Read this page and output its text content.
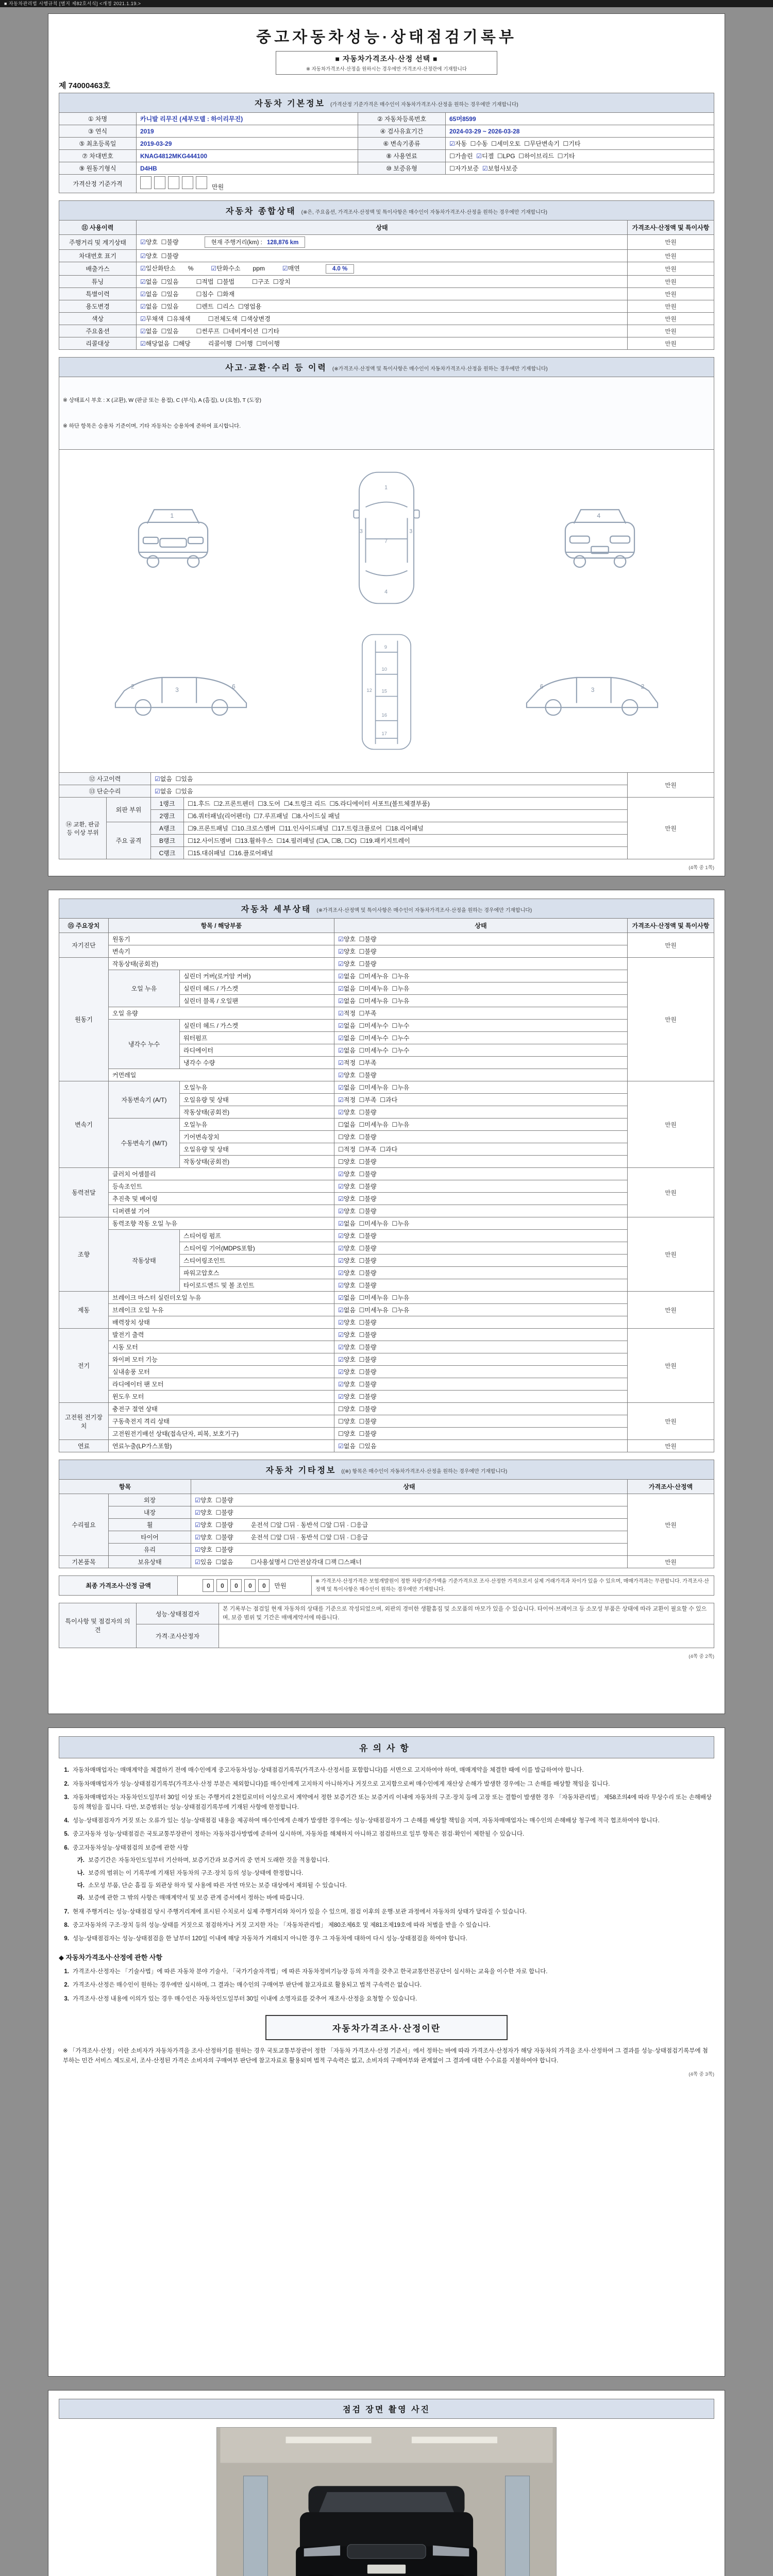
■ 자동차관리법 시행규칙 [별지 제82호서식] <개정 2021.1.19.>
중고자동차성능·상태점검기록부
■ 자동차가격조사·산정 선택 ■
※ 자동차가격조사·산정을 원하시는 경우에만 가격조사·산정란에 기재합니다
제 74000463호
자동차 기본정보 (가격산정 기준가격은 매수인이 자동차가격조사·산정을 원하는 경우에만 기재합니다)			
① 차명	카니발 리무진 (세부모델 : 하이리무진)	② 자동차등록번호	65머8599
③ 연식	2019	④ 검사유효기간	2024-03-29 ~ 2026-03-28
⑤ 최초등록일	2019-03-29	⑥ 변속기종류	☑자동  ☐수동  ☐세미오토  ☐무단변속기  ☐기타
⑦ 차대번호	KNAG4812MKG444100	⑧ 사용연료	☐가솔린  ☑디젤  ☐LPG  ☐하이브리드  ☐기타
⑨ 원동기형식	D4HB	⑩ 보증유형	☐자가보증  ☑보험사보증
가격산정 기준가격	만원		
자동차 종합상태 (※은, 주요옵션, 가격조사·산정액 및 특이사항은 매수인이 자동차가격조사·산정을 원하는 경우에만 기재합니다)		
⑪ 사용이력	상태	가격조사·산정액 및 특이사항
주행거리 및 계기상태	☑양호  ☐불량 현재 주행거리(km) : 128,876 km	만원
차대번호 표기	☑양호  ☐불량	만원
배출가스	☑일산화탄소　　% ☑탄화수소　　ppm ☑매연 4.0 %	만원
튜닝	☑없음  ☐있음 ☐적법  ☐불법 ☐구조  ☐장치	만원
특별이력	☑없음  ☐있음 ☐침수  ☐화재	만원
용도변경	☑없음  ☐있음 ☐렌트  ☐리스  ☐영업용	만원
색상	☑무채색  ☐유채색 ☐전체도색  ☐색상변경	만원
주요옵션	☑없음  ☐있음 ☐썬루프  ☐네비게이션  ☐기타	만원
리콜대상	☑해당없음  ☐해당 리콜이행  ☐이행  ☐미이행	만원
사고·교환·수리 등 이력 (※가격조사·산정액 및 특이사항은 매수인이 자동차가격조사·산정을 원하는 경우에만 기재합니다)				

※ 상태표시 부호 : X (교환), W (판금 또는 용접), C (부식), A (흠집), U (요철), T (도장)

※ 하단 항목은 승용차 기준이며, 기타 자동차는 승용차에 준하여 표시합니다.				

1
1
7
4
3	3
4

3
2	6
9
10
12 15
16
17
3	2
6

⑫ 사고이력		☑없음  ☐있음		만원
⑬ 단순수리		☑없음  ☐있음		
⑭ 교환, 판금 등 이상 부위	외판 부위	1랭크	☐1.후드  ☐2.프론트펜더  ☐3.도어  ☐4.트렁크 리드  ☐5.라디에이터 서포트(볼트체결부품)	만원
		2랭크	☐6.쿼터패널(리어펜더)  ☐7.루프패널  ☐8.사이드실 패널	
	주요 골격	A랭크	☐9.프론트패널  ☐10.크로스멤버  ☐11.인사이드패널  ☐17.트렁크플로어  ☐18.리어패널	
		B랭크	☐12.사이드멤버  ☐13.휠하우스  ☐14.필러패널 (☐A, ☐B, ☐C)  ☐19.패키지트레이	
		C랭크	☐15.대쉬패널  ☐16.플로어패널	
(4쪽 중 1쪽)
자동차 세부상태 (※가격조사·산정액 및 특이사항은 매수인이 자동차가격조사·산정을 원하는 경우에만 기재합니다)				
⑮ 주요장치	항목 / 해당부품		상태	가격조사·산정액 및 특이사항
자기진단	원동기		☑양호  ☐불량	만원
	변속기		☑양호  ☐불량	
원동기	작동상태(공회전)		☑양호  ☐불량	만원
	오일 누유	실린더 커버(로커암 커버)	☑없음  ☐미세누유  ☐누유	
		실린더 헤드 / 가스켓	☑없음  ☐미세누유  ☐누유	
		실린더 블록 / 오일팬	☑없음  ☐미세누유  ☐누유	
	오일 유량		☑적정  ☐부족	
	냉각수 누수	실린더 헤드 / 가스켓	☑없음  ☐미세누수  ☐누수	
		워터펌프	☑없음  ☐미세누수  ☐누수	
		라디에이터	☑없음  ☐미세누수  ☐누수	
		냉각수 수량	☑적정  ☐부족	
	커먼레일		☑양호  ☐불량	
변속기	자동변속기 (A/T)	오일누유	☑없음  ☐미세누유  ☐누유	만원
		오일유량 및 상태	☑적정  ☐부족  ☐과다	
		작동상태(공회전)	☑양호  ☐불량	
	수동변속기 (M/T)	오일누유	☐없음  ☐미세누유  ☐누유	
		기어변속장치	☐양호  ☐불량	
		오일유량 및 상태	☐적정  ☐부족  ☐과다	
		작동상태(공회전)	☐양호  ☐불량	
동력전달	클러치 어셈블리		☑양호  ☐불량	만원
	등속조인트		☑양호  ☐불량	
	추진축 및 베어링		☑양호  ☐불량	
	디퍼렌셜 기어		☑양호  ☐불량	
조향	동력조향 작동 오일 누유		☑없음  ☐미세누유  ☐누유	만원
	작동상태	스티어링 펌프	☑양호  ☐불량	
		스티어링 기어(MDPS포함)	☑양호  ☐불량	
		스티어링조인트	☑양호  ☐불량	
		파워고압호스	☑양호  ☐불량	
		타이로드엔드 및 볼 조인트	☑양호  ☐불량	
제동	브레이크 마스터 실린더오일 누유		☑없음  ☐미세누유  ☐누유	만원
	브레이크 오일 누유		☑없음  ☐미세누유  ☐누유	
	배력장치 상태		☑양호  ☐불량	
전기	발전기 출력		☑양호  ☐불량	만원
	시동 모터		☑양호  ☐불량	
	와이퍼 모터 기능		☑양호  ☐불량	
	실내송풍 모터		☑양호  ☐불량	
	라디에이터 팬 모터		☑양호  ☐불량	
	윈도우 모터		☑양호  ☐불량	
고전원 전기장치	충전구 절연 상태		☐양호  ☐불량	만원
	구동축전지 격리 상태		☐양호  ☐불량	
	고전원전기배선 상태(접속단자, 피복, 보호기구)		☐양호  ☐불량	
연료	연료누출(LP가스포함)		☑없음  ☐있음	만원
자동차 기타정보 ((※) 항목은 매수인이 자동차가격조사·산정을 원하는 경우에만 기재합니다)			
항목		상태	가격조사·산정액
수리필요	외장	☑양호  ☐불량	만원
	내장	☑양호  ☐불량	
	휠	☑양호  ☐불량 운전석 ☐앞 ☐뒤 · 동반석 ☐앞 ☐뒤 · ☐응급	
	타이어	☑양호  ☐불량 운전석 ☐앞 ☐뒤 · 동반석 ☐앞 ☐뒤 · ☐응급	
	유리	☑양호  ☐불량	
기본품목	보유상태	☑있음  ☐없음 ☐사용설명서 ☐안전삼각대 ☐잭 ☐스패너	만원
최종 가격조사·산정 금액	0 0 0 0 0 만원	※ 가격조사·산정가격은 보험개발원이 정한 차량기준가액을 기준가격으로 조사·산정한 가격으로서 실제 거래가격과 차이가 있을 수 있으며, 매매가격과는 무관합니다. 가격조사·산정액 및 특이사항은 매수인이 원하는 경우에만 기재합니다.
특이사항 및 점검자의 의견	성능·상태점검자	본 기록부는 점검일 현재 자동차의 상태를 기준으로 작성되었으며, 외판의 경미한 생활흠집 및 소모품의 마모가 있을 수 있습니다. 타이어·브레이크 등 소모성 부품은 상태에 따라 교환이 필요할 수 있으며, 보증 범위 및 기간은 매매계약서에 따릅니다.
	가격·조사산정자	
(4쪽 중 2쪽)
유의사항
1. 자동차매매업자는 매매계약을 체결하기 전에 매수인에게 중고자동차성능·상태점검기록부(가격조사·산정서를 포함합니다)를 서면으로 고지하여야 하며, 매매계약을 체결한 때에 이를 발급하여야 합니다.
2. 자동차매매업자가 성능·상태점검기록부(가격조사·산정 부분은 제외합니다)를 매수인에게 고지하지 아니하거나 거짓으로 고지함으로써 매수인에게 재산상 손해가 발생한 경우에는 그 손해를 배상할 책임을 집니다.
3. 자동차매매업자는 자동차인도일부터 30일 이상 또는 주행거리 2천킬로미터 이상으로서 계약에서 정한 보증기간 또는 보증거리 이내에 자동차의 구조·장치 등에 고장 또는 결함이 발생한 경우 「자동차관리법」 제58조의4에 따라 무상수리 또는 손해배상 등의 책임을 집니다. 다만, 보증범위는 성능·상태점검기록부에 기재된 사항에 한정합니다.
4. 성능·상태점검자가 거짓 또는 오류가 있는 성능·상태점검 내용을 제공하여 매수인에게 손해가 발생한 경우에는 성능·상태점검자가 그 손해를 배상할 책임을 지며, 자동차매매업자는 매수인의 손해배상 청구에 적극 협조하여야 합니다.
5. 중고자동차 성능·상태점검은 국토교통부장관이 정하는 자동차검사방법에 준하여 실시하며, 자동차를 해체하지 아니하고 점검하므로 일부 항목은 점검·확인이 제한될 수 있습니다.
6. 중고자동차성능·상태점검의 보증에 관한 사항
가. 보증기간은 자동차인도일부터 기산하며, 보증기간과 보증거리 중 먼저 도래한 것을 적용합니다.
나. 보증의 범위는 이 기록부에 기재된 자동차의 구조·장치 등의 성능·상태에 한정합니다.
다. 소모성 부품, 단순 흠집 등 외관상 하자 및 사용에 따른 자연 마모는 보증 대상에서 제외될 수 있습니다.
라. 보증에 관한 그 밖의 사항은 매매계약서 및 보증 관계 증서에서 정하는 바에 따릅니다.
7. 현재 주행거리는 성능·상태점검 당시 주행거리계에 표시된 수치로서 실제 주행거리와 차이가 있을 수 있으며, 점검 이후의 운행·보관 과정에서 자동차의 상태가 달라질 수 있습니다.
8. 중고자동차의 구조·장치 등의 성능·상태를 거짓으로 점검하거나 거짓 고지한 자는 「자동차관리법」 제80조제6호 및 제81조제19호에 따라 처벌을 받을 수 있습니다.
9. 성능·상태점검자는 성능·상태점검을 한 날부터 120일 이내에 해당 자동차가 거래되지 아니한 경우 그 자동차에 대하여 다시 성능·상태점검을 하여야 합니다.
◆ 자동차가격조사·산정에 관한 사항
1. 가격조사·산정자는 「기술사법」에 따른 자동차 분야 기술사, 「국가기술자격법」에 따른 자동차정비기능장 등의 자격을 갖추고 한국교통안전공단이 실시하는 교육을 이수한 자로 합니다.
2. 가격조사·산정은 매수인이 원하는 경우에만 실시하며, 그 결과는 매수인의 구매여부 판단에 참고자료로 활용되고 법적 구속력은 없습니다.
3. 가격조사·산정 내용에 이의가 있는 경우 매수인은 자동차인도일부터 30일 이내에 소명자료를 갖추어 재조사·산정을 요청할 수 있습니다.
자동차가격조사·산정이란

※ 「가격조사·산정」이란 소비자가 자동차가격을 조사·산정하기를 원하는 경우 국토교통부장관이 정한 「자동차 가격조사·산정 기준서」에서 정하는 바에 따라 가격조사·산정자가 해당 자동차의 가격을 조사·산정하여 그 결과를 성능·상태점검기록부에 첨부하는 민간 서비스 제도로서, 조사·산정된 가격은 소비자의 구매여부 판단에 참고자료로 활용되며 법적 구속력은 없고, 소비자의 구매여부와 관계없이 그 결과에 대한 수수료를 지불하여야 합니다.

(4쪽 중 3쪽)
점검 장면 촬영 사진
